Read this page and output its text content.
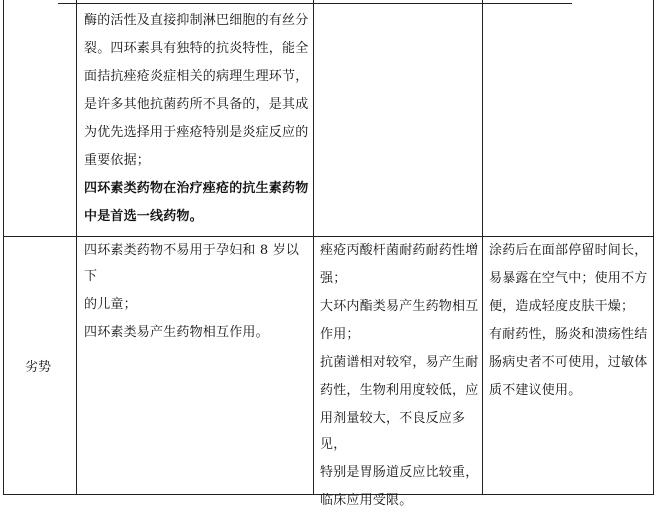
酶的活性及直接抑制淋巴细胞的有丝分

裂。四环素具有独特的抗炎特性，能全

面拮抗痤疮炎症相关的病理生理环节，

是许多其他抗菌药所不具备的，是其成

为优先选择用于痤疮特别是炎症反应的

重要依据；

四环素类药物在治疗痤疮的抗生素药物

中是首选一线药物。

劣势

四环素类药物不易用于孕妇和 8 岁以下

的儿童；

四环素类易产生药物相互作用。

痤疮丙酸杆菌耐药耐药性增

强；

大环内酯类易产生药物相互

作用；

抗菌谱相对较窄，易产生耐

药性，生物利用度较低，应

用剂量较大，不良反应多见，

特别是胃肠道反应比较重，

临床应用受限。

涂药后在面部停留时间长，

易暴露在空气中；使用不方

便，造成轻度皮肤干燥；

有耐药性，肠炎和溃疡性结

肠病史者不可使用，过敏体

质不建议使用。
